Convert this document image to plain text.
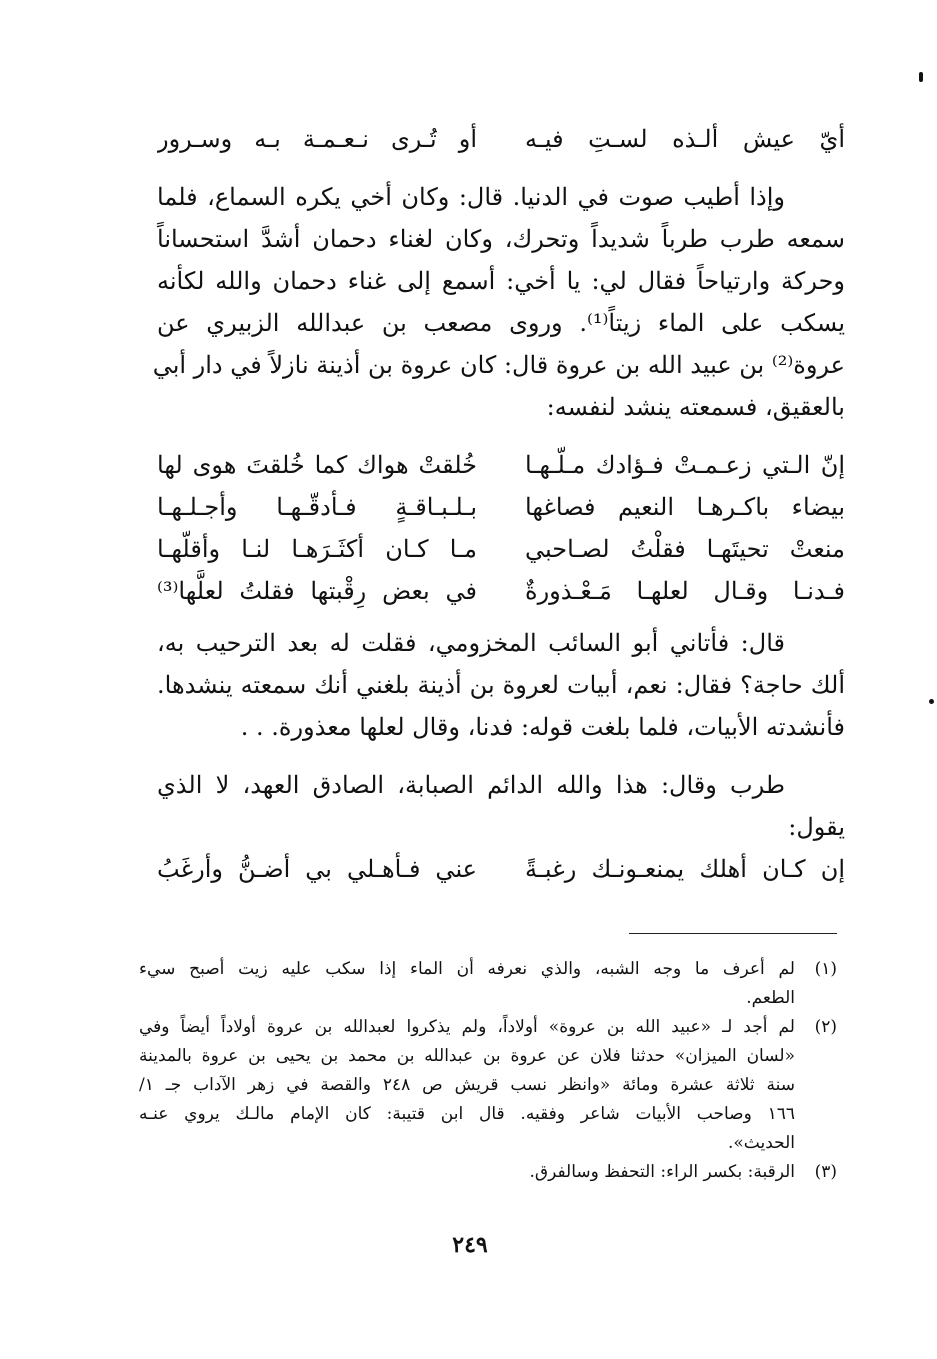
أيّ عيش ألـذه لسـتِ فيـه
أو تُـرى نـعـمـة بـه وسـرور
وإذا أطيب صوت في الدنيا. قال: وكان أخي يكره السماع، فلما
سمعه طرب طرباً شديداً وتحرك، وكان لغناء دحمان أشدَّ استحساناً
وحركة وارتياحاً فقال لي: يا أخي: أسمع إلى غناء دحمان والله لكأنه
يسكب على الماء زيتاً⁽¹⁾. وروى مصعب بن عبدالله الزبيري عن
عروة⁽²⁾ بن عبيد الله بن عروة قال: كان عروة بن أذينة نازلاً في دار أبي
بالعقيق، فسمعته ينشد لنفسه:
إنّ الـتي زعـمـتْ فـؤادك مـلّـهـا
خُلقتْ هواك كما خُلقتَ هوى لها
بيضاء باكـرهـا النعيم فصاغها
بـلـبـاقـةٍ فـأدقّـهـا وأجـلـهـا
منعتْ تحيتَهـا فقلْتُ لصـاحبي
مـا كـان أكثَـرَهـا لنـا وأقلّهـا
فـدنـا وقـال لعلهـا مَـعْـذورةٌ
في بعض رِقْبتها فقلتُ لعلَّها⁽³⁾
قال: فأتاني أبو السائب المخزومي، فقلت له بعد الترحيب به،
ألك حاجة؟ فقال: نعم، أبيات لعروة بن أذينة بلغني أنك سمعته ينشدها.
فأنشدته الأبيات، فلما بلغت قوله: فدنا، وقال لعلها معذورة. . .
طرب وقال: هذا والله الدائم الصبابة، الصادق العهد، لا الذي
يقول:
إن كـان أهلك يمنعـونـك رغبـةً
عني فـأهـلي بي أضـنُّ وأرغَبُ
(١)
لم أعرف ما وجه الشبه، والذي نعرفه أن الماء إذا سكب عليه زيت أصبح سيء
الطعم.
(٢)
لم أجد لـ «عبيد الله بن عروة» أولاداً، ولم يذكروا لعبدالله بن عروة أولاداً أيضاً وفي
«لسان الميزان» حدثنا فلان عن عروة بن عبدالله بن محمد بن يحيى بن عروة بالمدينة
سنة ثلاثة عشرة ومائة «وانظر نسب قريش ص ٢٤٨ والقصة في زهر الآداب جـ ١/
١٦٦ وصاحب الأبيات شاعر وفقيه. قال ابن قتيبة: كان الإمام مالـك يروي عنـه
الحديث».
(٣)
الرقبة: بكسر الراء: التحفظ وسالفرق.
٢٤٩
